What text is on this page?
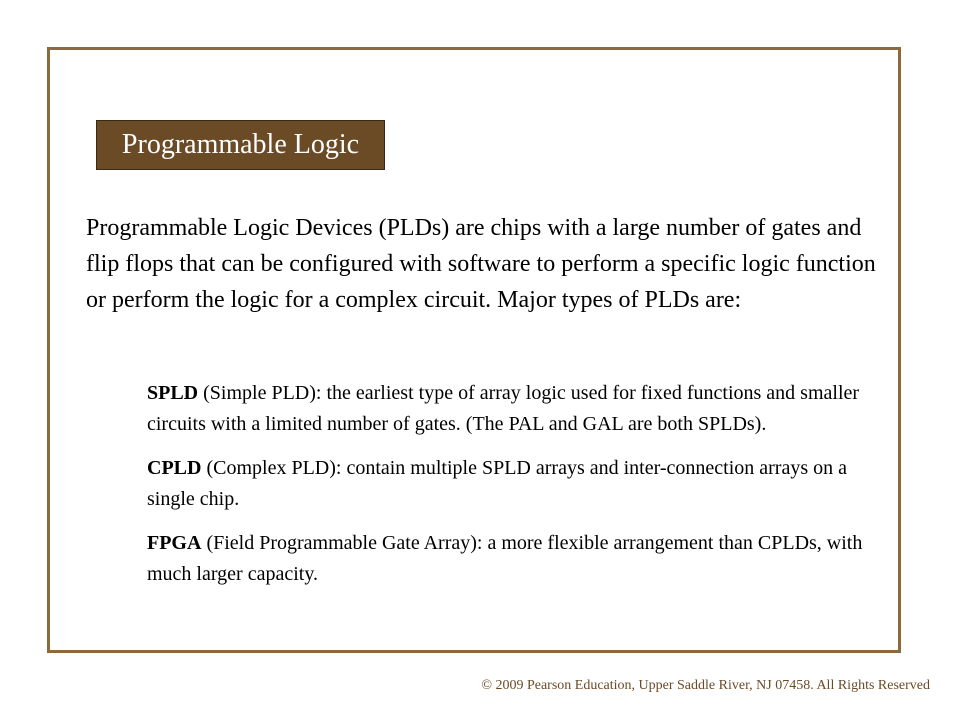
Programmable Logic

Programmable Logic Devices (PLDs) are chips with a large number of gates and flip flops that can be configured with software to perform a specific logic function or perform the logic for a complex circuit. Major types of PLDs are:

SPLD (Simple PLD): the earliest type of array logic used for fixed functions and smaller circuits with a limited number of gates. (The PAL and GAL are both SPLDs).

CPLD (Complex PLD): contain multiple SPLD arrays and inter-connection arrays on a single chip.

FPGA (Field Programmable Gate Array): a more flexible arrangement than CPLDs, with much larger capacity.

© 2009 Pearson Education, Upper Saddle River, NJ 07458. All Rights Reserved
